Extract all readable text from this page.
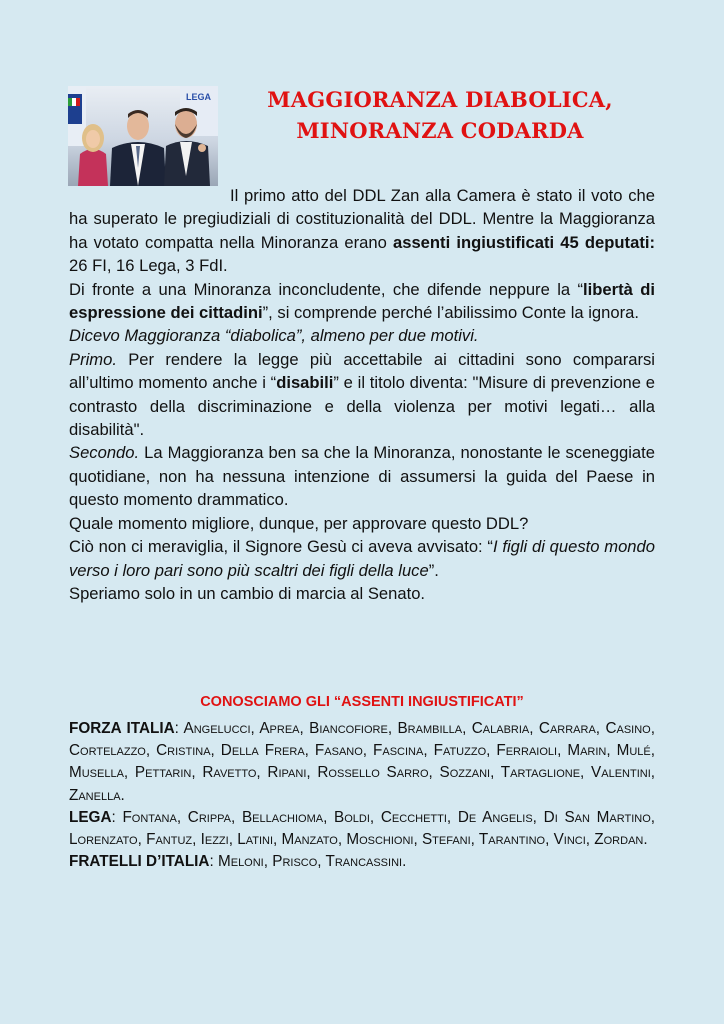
LEGA	MAGGIORANZA DIABOLICA,
MINORANZA CODARDA

Il primo atto del DDL Zan alla Camera è stato il voto che ha superato le pregiudiziali di costituzionalità del DDL. Mentre la Maggioranza ha votato compatta nella Minoranza erano assenti ingiustificati 45 deputati: 26 FI, 16 Lega, 3 FdI.

Di fronte a una Minoranza inconcludente, che difende neppure la “libertà di espressione dei cittadini”, si comprende perché l’abilissimo Conte la ignora.

Dicevo Maggioranza “diabolica”, almeno per due motivi.

Primo. Per rendere la legge più accettabile ai cittadini sono compararsi all’ultimo momento anche i “disabili” e il titolo diventa: "Misure di prevenzione e contrasto della discriminazione e della violenza per motivi legati… alla disabilità".

Secondo. La Maggioranza ben sa che la Minoranza, nonostante le sceneggiate quotidiane, non ha nessuna intenzione di assumersi la guida del Paese in questo momento drammatico.

Quale momento migliore, dunque, per approvare questo DDL?

Ciò non ci meraviglia, il Signore Gesù ci aveva avvisato: “I figli di questo mondo verso i loro pari sono più scaltri dei figli della luce”.

Speriamo solo in un cambio di marcia al Senato.

CONOSCIAMO GLI “ASSENTI INGIUSTIFICATI”

FORZA ITALIA: Angelucci, Aprea, Biancofiore, Brambilla, Calabria, Carrara, Casino, Cortelazzo, Cristina, Della Frera, Fasano, Fascina, Fatuzzo, Ferraioli, Marin, Mulé, Musella, Pettarin, Ravetto, Ripani, Rossello Sarro, Sozzani, Tartaglione, Valentini, Zanella.

LEGA: Fontana, Crippa, Bellachioma, Boldi, Cecchetti, De Angelis, Di San Martino, Lorenzato, Fantuz, Iezzi, Latini, Manzato, Moschioni, Stefani, Tarantino, Vinci, Zordan.

FRATELLI D’ITALIA: Meloni, Prisco, Trancassini.
